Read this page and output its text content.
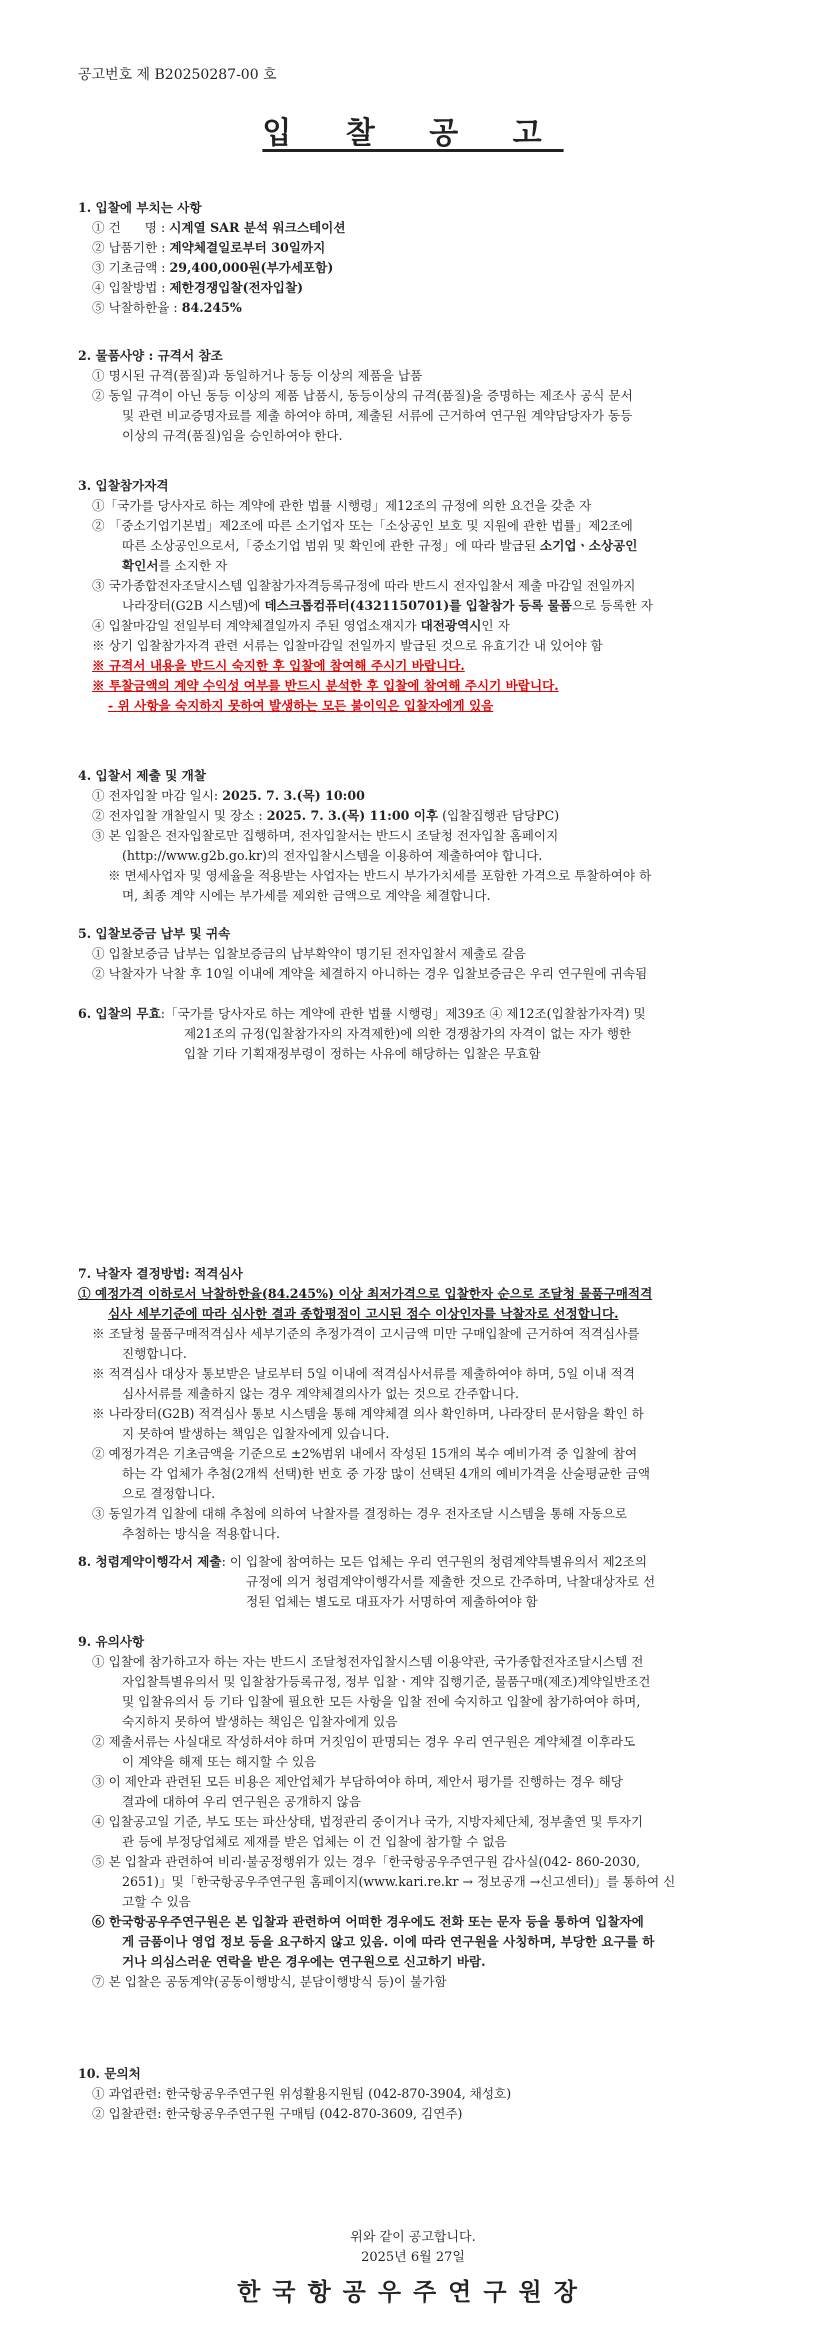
공고번호 제 B20250287-00 호
입 찰 공 고
1. 입찰에 부치는 사항
① 건      명 : 시계열 SAR 분석 워크스테이션
② 납품기한 : 계약체결일로부터 30일까지
③ 기초금액 : 29,400,000원(부가세포함)
④ 입찰방법 : 제한경쟁입찰(전자입찰)
⑤ 낙찰하한율 : 84.245%
2. 물품사양 : 규격서 참조
① 명시된 규격(품질)과 동일하거나 동등 이상의 제품을 납품
② 동일 규격이 아닌 동등 이상의 제품 납품시, 동등이상의 규격(품질)을 증명하는 제조사 공식 문서
및 관련 비교증명자료를 제출 하여야 하며, 제출된 서류에 근거하여 연구원 계약담당자가 동등
이상의 규격(품질)임을 승인하여야 한다.
3. 입찰참가자격
①「국가를 당사자로 하는 계약에 관한 법률 시행령」제12조의 규정에 의한 요건을 갖춘 자
② 「중소기업기본법」제2조에 따른 소기업자 또는「소상공인 보호 및 지원에 관한 법률」제2조에
따른 소상공인으로서,「중소기업 범위 및 확인에 관한 규정」에 따라 발급된 소기업ㆍ소상공인
확인서를 소지한 자
③ 국가종합전자조달시스템 입찰참가자격등록규정에 따라 반드시 전자입찰서 제출 마감일 전일까지
나라장터(G2B 시스템)에 데스크톱컴퓨터(4321150701)를 입찰참가 등록 물품으로 등록한 자
④ 입찰마감일 전일부터 계약체결일까지 주된 영업소재지가 대전광역시인 자
※ 상기 입찰참가자격 관련 서류는 입찰마감일 전일까지 발급된 것으로 유효기간 내 있어야 함
※ 규격서 내용을 반드시 숙지한 후 입찰에 참여해 주시기 바랍니다.
※ 투찰금액의 계약 수익성 여부를 반드시 분석한 후 입찰에 참여해 주시기 바랍니다.
- 위 사항을 숙지하지 못하여 발생하는 모든 불이익은 입찰자에게 있음
4. 입찰서 제출 및 개찰
① 전자입찰 마감 일시: 2025. 7. 3.(목) 10:00
② 전자입찰 개찰일시 및 장소 : 2025. 7. 3.(목) 11:00 이후 (입찰집행관 담당PC)
③ 본 입찰은 전자입찰로만 집행하며, 전자입찰서는 반드시 조달청 전자입찰 홈페이지
(http://www.g2b.go.kr)의 전자입찰시스템을 이용하여 제출하여야 합니다.
※ 면세사업자 및 영세율을 적용받는 사업자는 반드시 부가가치세를 포함한 가격으로 투찰하여야 하
며, 최종 계약 시에는 부가세를 제외한 금액으로 계약을 체결합니다.
5. 입찰보증금 납부 및 귀속
① 입찰보증금 납부는 입찰보증금의 납부확약이 명기된 전자입찰서 제출로 갈음
② 낙찰자가 낙찰 후 10일 이내에 계약을 체결하지 아니하는 경우 입찰보증금은 우리 연구원에 귀속됨
6. 입찰의 무효:「국가를 당사자로 하는 계약에 관한 법률 시행령」제39조 ④ 제12조(입찰참가자격) 및
제21조의 규정(입찰참가자의 자격제한)에 의한 경쟁참가의 자격이 없는 자가 행한
입찰 기타 기획재정부령이 정하는 사유에 해당하는 입찰은 무효함
7. 낙찰자 결정방법: 적격심사
① 예정가격 이하로서 낙찰하한율(84.245%) 이상 최저가격으로 입찰한자 순으로 조달청 물품구매적격
심사 세부기준에 따라 심사한 결과 종합평점이 고시된 점수 이상인자를 낙찰자로 선정합니다.
※ 조달청 물품구매적격심사 세부기준의 추정가격이 고시금액 미만 구매입찰에 근거하여 적격심사를
진행합니다.
※ 적격심사 대상자 통보받은 날로부터 5일 이내에 적격심사서류를 제출하여야 하며, 5일 이내 적격
심사서류를 제출하지 않는 경우 계약체결의사가 없는 것으로 간주합니다.
※ 나라장터(G2B) 적격심사 통보 시스템을 통해 계약체결 의사 확인하며, 나라장터 문서함을 확인 하
지 못하여 발생하는 책임은 입찰자에게 있습니다.
② 예정가격은 기초금액을 기준으로 ±2%범위 내에서 작성된 15개의 복수 예비가격 중 입찰에 참여
하는 각 업체가 추첨(2개씩 선택)한 번호 중 가장 많이 선택된 4개의 예비가격을 산술평균한 금액
으로 결정합니다.
③ 동일가격 입찰에 대해 추첨에 의하여 낙찰자를 결정하는 경우 전자조달 시스템을 통해 자동으로
추첨하는 방식을 적용합니다.
8. 청렴계약이행각서 제출: 이 입찰에 참여하는 모든 업체는 우리 연구원의 청렴계약특별유의서 제2조의
규정에 의거 청렴계약이행각서를 제출한 것으로 간주하며, 낙찰대상자로 선
정된 업체는 별도로 대표자가 서명하여 제출하여야 함
9. 유의사항
① 입찰에 참가하고자 하는 자는 반드시 조달청전자입찰시스템 이용약관, 국가종합전자조달시스템 전
자입찰특별유의서 및 입찰참가등록규정, 정부 입찰ㆍ계약 집행기준, 물품구매(제조)계약일반조건
및 입찰유의서 등 기타 입찰에 필요한 모든 사항을 입찰 전에 숙지하고 입찰에 참가하여야 하며,
숙지하지 못하여 발생하는 책임은 입찰자에게 있음
② 제출서류는 사실대로 작성하셔야 하며 거짓임이 판명되는 경우 우리 연구원은 계약체결 이후라도
이 계약을 해제 또는 해지할 수 있음
③ 이 제안과 관련된 모든 비용은 제안업체가 부담하여야 하며, 제안서 평가를 진행하는 경우 해당
결과에 대하여 우리 연구원은 공개하지 않음
④ 입찰공고일 기준, 부도 또는 파산상태, 법정관리 중이거나 국가, 지방자체단체, 정부출연 및 투자기
관 등에 부정당업체로 제재를 받은 업체는 이 건 입찰에 참가할 수 없음
⑤ 본 입찰과 관련하여 비리·불공정행위가 있는 경우「한국항공우주연구원 감사실(042- 860-2030,
2651)」및「한국항공우주연구원 홈페이지(www.kari.re.kr → 정보공개 →신고센터)」를 통하여 신
고할 수 있음
⑥ 한국항공우주연구원은 본 입찰과 관련하여 어떠한 경우에도 전화 또는 문자 등을 통하여 입찰자에
게 금품이나 영업 정보 등을 요구하지 않고 있음. 이에 따라 연구원을 사칭하며, 부당한 요구를 하
거나 의심스러운 연락을 받은 경우에는 연구원으로 신고하기 바람.
⑦ 본 입찰은 공동계약(공동이행방식, 분담이행방식 등)이 불가함
10. 문의처
① 과업관련: 한국항공우주연구원 위성활용지원팀 (042-870-3904, 채성호)
② 입찰관련: 한국항공우주연구원 구매팀 (042-870-3609, 김연주)
위와 같이 공고합니다.
2025년 6월 27일
한국항공우주연구원장
